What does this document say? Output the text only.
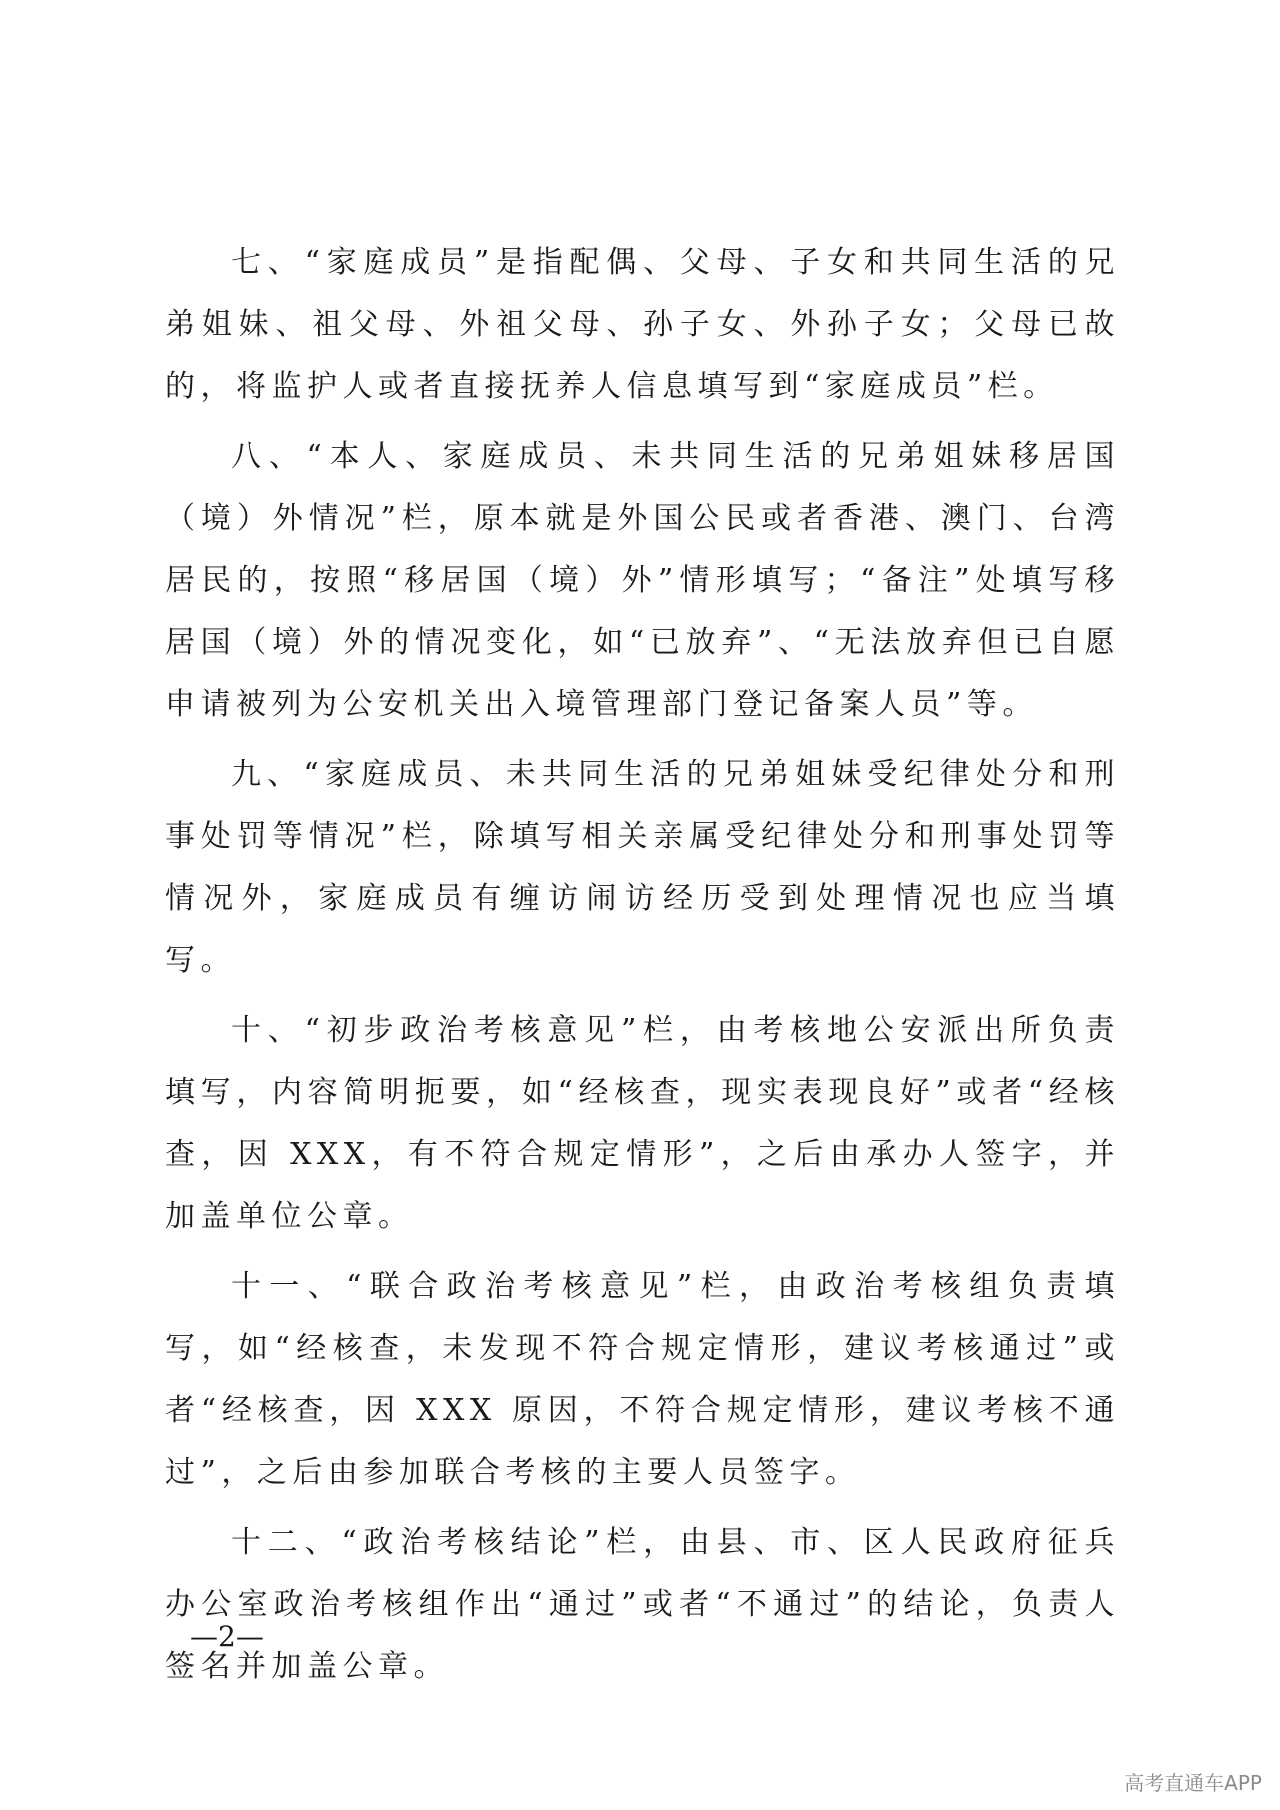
七、“家庭成员”是指配偶、父母、子女和共同生活的兄弟姐妹、祖父母、外祖父母、孙子女、外孙子女；父母已故的，将监护人或者直接抚养人信息填写到“家庭成员”栏。

八、“本人、家庭成员、未共同生活的兄弟姐妹移居国（境）外情况”栏，原本就是外国公民或者香港、澳门、台湾居民的，按照“移居国（境）外”情形填写；“备注”处填写移居国（境）外的情况变化，如“已放弃”、“无法放弃但已自愿申请被列为公安机关出入境管理部门登记备案人员”等。

九、“家庭成员、未共同生活的兄弟姐妹受纪律处分和刑事处罚等情况”栏，除填写相关亲属受纪律处分和刑事处罚等情况外，家庭成员有缠访闹访经历受到处理情况也应当填写。

十、“初步政治考核意见”栏，由考核地公安派出所负责填写，内容简明扼要，如“经核查，现实表现良好”或者“经核查，因 XXX，有不符合规定情形”，之后由承办人签字，并加盖单位公章。

十一、“联合政治考核意见”栏，由政治考核组负责填写，如“经核查，未发现不符合规定情形，建议考核通过”或者“经核查，因 XXX 原因，不符合规定情形，建议考核不通过”，之后由参加联合考核的主要人员签字。

十二、“政治考核结论”栏，由县、市、区人民政府征兵办公室政治考核组作出“通过”或者“不通过”的结论，负责人签名并加盖公章。

—2—
高考直通车APP
